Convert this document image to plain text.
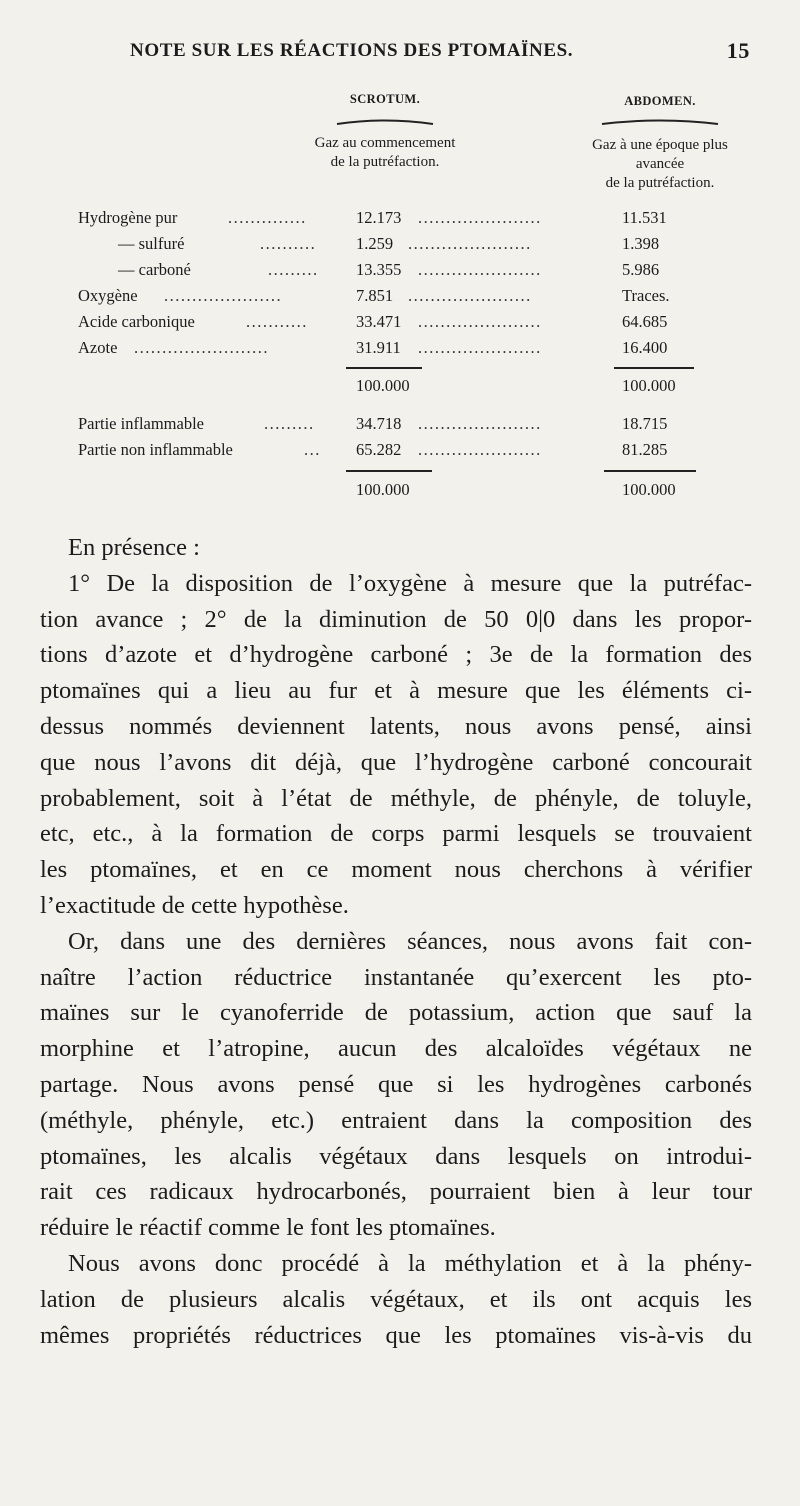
NOTE SUR LES RÉACTIONS DES PTOMAÏNES.	15
SCROTUM.
Gaz au commencement
de la putréfaction.
ABDOMEN.
Gaz à une époque plus
avancée
de la putréfaction.
Hydrogène pur	..............	12.173 ......................	11.531
— sulfuré	..........	1.259 ......................	1.398
— carboné	.........	13.355 ......................	5.986
Oxygène .....................	7.851 ......................	Traces.
Acide carbonique	...........	33.471 ......................	64.685
Azote ........................	31.911 ......................	16.400
100.000	100.000
Partie inflammable	.........	34.718 ......................	18.715
Partie non inflammable	...	65.282 ......................	81.285
100.000	100.000
En présence :
1° De la disposition de l’oxygène à mesure que la putréfac-
tion avance ; 2° de la diminution de 50 0|0 dans les propor-
tions d’azote et d’hydrogène carboné ; 3e de la formation des
ptomaïnes qui a lieu au fur et à mesure que les éléments ci-
dessus nommés deviennent latents, nous avons pensé, ainsi
que nous l’avons dit déjà, que l’hydrogène carboné concourait
probablement, soit à l’état de méthyle, de phényle, de toluyle,
etc, etc., à la formation de corps parmi lesquels se trouvaient
les ptomaïnes, et en ce moment nous cherchons à vérifier
l’exactitude de cette hypothèse.
Or, dans une des dernières séances, nous avons fait con-
naître l’action réductrice instantanée qu’exercent les pto-
maïnes sur le cyanoferride de potassium, action que sauf la
morphine et l’atropine, aucun des alcaloïdes végétaux ne
partage. Nous avons pensé que si les hydrogènes carbonés
(méthyle, phényle, etc.) entraient dans la composition des
ptomaïnes, les alcalis végétaux dans lesquels on introdui-
rait ces radicaux hydrocarbonés, pourraient bien à leur tour
réduire le réactif comme le font les ptomaïnes.
Nous avons donc procédé à la méthylation et à la phény-
lation de plusieurs alcalis végétaux, et ils ont acquis les
mêmes propriétés réductrices que les ptomaïnes vis-à-vis du
